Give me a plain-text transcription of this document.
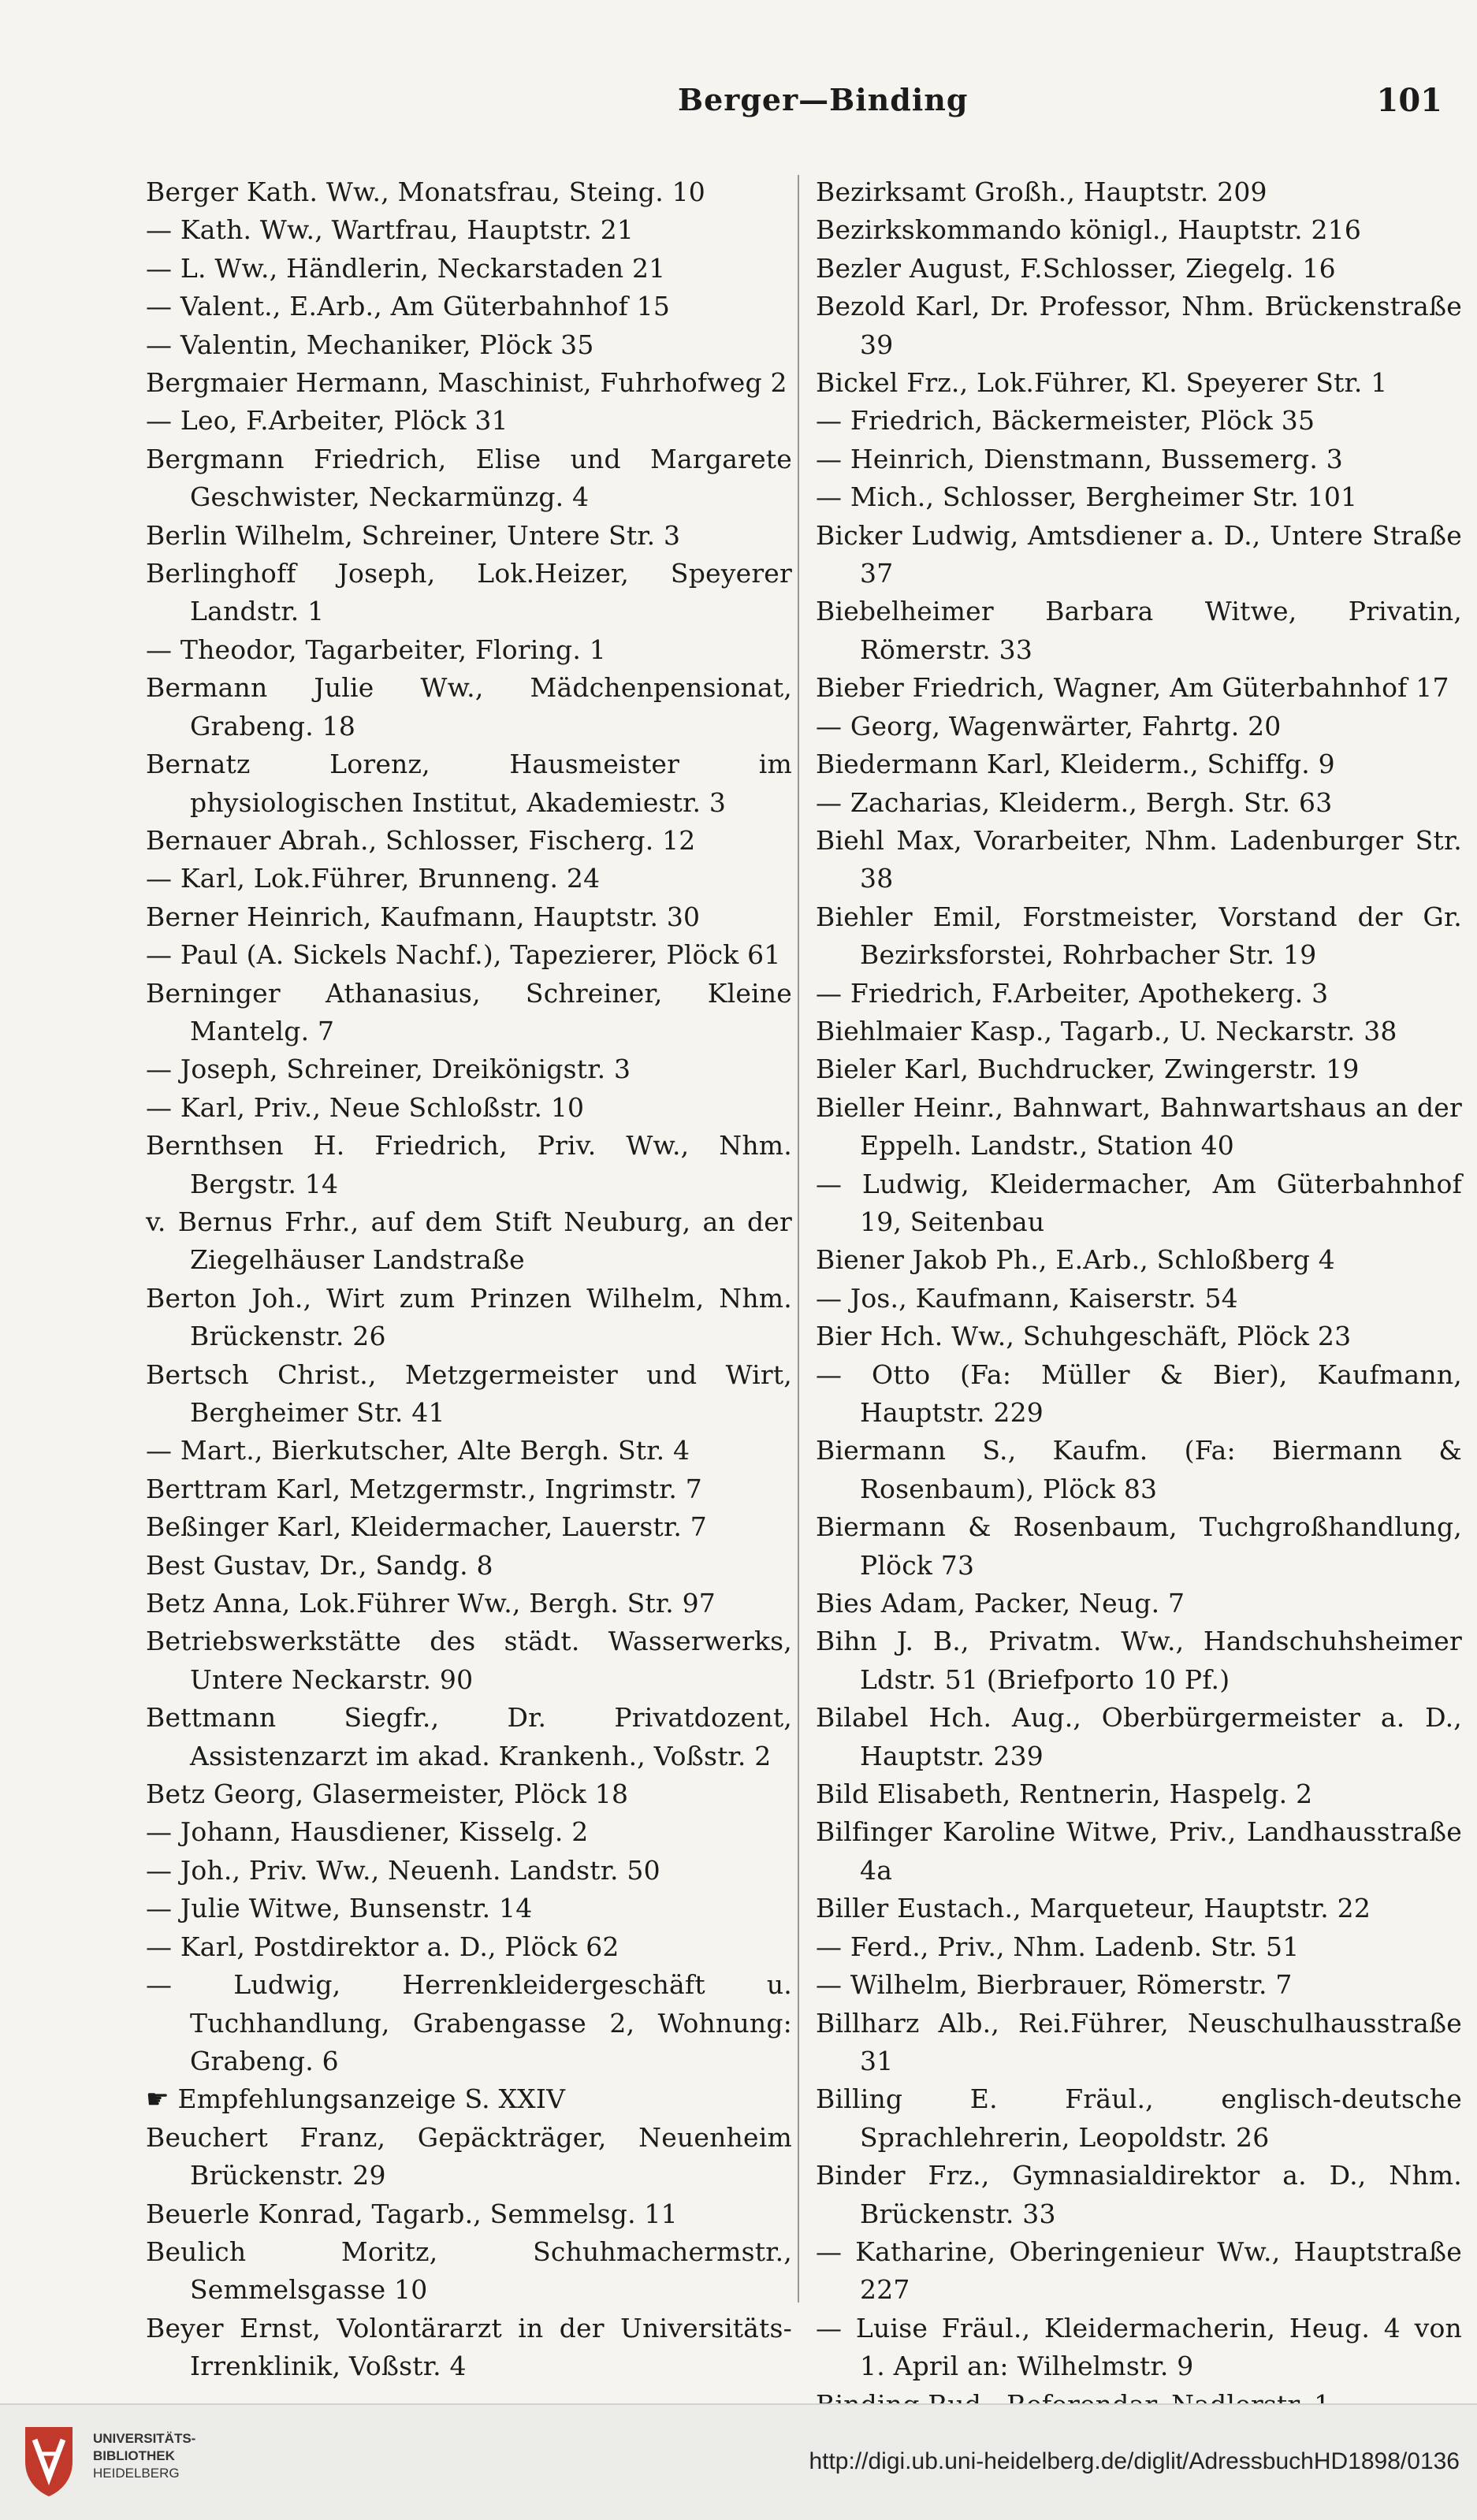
Berger—Binding	101

Berger Kath. Ww., Monatsfrau, Steing. 10

— Kath. Ww., Wartfrau, Hauptstr. 21

— L. Ww., Händlerin, Neckarstaden 21

— Valent., E.Arb., Am Güterbahnhof 15

— Valentin, Mechaniker, Plöck 35

Bergmaier Hermann, Maschinist, Fuhrhofweg 2

— Leo, F.Arbeiter, Plöck 31

Bergmann Friedrich, Elise und Margarete Geschwister, Neckarmünzg. 4

Berlin Wilhelm, Schreiner, Untere Str. 3

Berlinghoff Joseph, Lok.Heizer, Speyerer Landstr. 1

— Theodor, Tagarbeiter, Floring. 1

Bermann Julie Ww., Mädchenpensionat, Grabeng. 18

Bernatz Lorenz, Hausmeister im physiologischen Institut, Akademiestr. 3

Bernauer Abrah., Schlosser, Fischerg. 12

— Karl, Lok.Führer, Brunneng. 24

Berner Heinrich, Kaufmann, Hauptstr. 30

— Paul (A. Sickels Nachf.), Tapezierer, Plöck 61

Berninger Athanasius, Schreiner, Kleine Mantelg. 7

— Joseph, Schreiner, Dreikönigstr. 3

— Karl, Priv., Neue Schloßstr. 10

Bernthsen H. Friedrich, Priv. Ww., Nhm. Bergstr. 14

v. Bernus Frhr., auf dem Stift Neuburg, an der Ziegelhäuser Landstraße

Berton Joh., Wirt zum Prinzen Wilhelm, Nhm. Brückenstr. 26

Bertsch Christ., Metzgermeister und Wirt, Bergheimer Str. 41

— Mart., Bierkutscher, Alte Bergh. Str. 4

Berttram Karl, Metzgermstr., Ingrimstr. 7

Beßinger Karl, Kleidermacher, Lauerstr. 7

Best Gustav, Dr., Sandg. 8

Betz Anna, Lok.Führer Ww., Bergh. Str. 97

Betriebswerkstätte des städt. Wasserwerks, Untere Neckarstr. 90

Bettmann Siegfr., Dr. Privatdozent, Assistenzarzt im akad. Krankenh., Voßstr. 2

Betz Georg, Glasermeister, Plöck 18

— Johann, Hausdiener, Kisselg. 2

— Joh., Priv. Ww., Neuenh. Landstr. 50

— Julie Witwe, Bunsenstr. 14

— Karl, Postdirektor a. D., Plöck 62

— Ludwig, Herrenkleidergeschäft u. Tuchhandlung, Grabengasse 2, Wohnung: Grabeng. 6

☛ Empfehlungsanzeige S. XXIV

Beuchert Franz, Gepäckträger, Neuenheim Brückenstr. 29

Beuerle Konrad, Tagarb., Semmelsg. 11

Beulich Moritz, Schuhmachermstr., Semmelsgasse 10

Beyer Ernst, Volontärarzt in der Universitäts-Irrenklinik, Voßstr. 4

Bezirksamt Großh., Hauptstr. 209

Bezirkskommando königl., Hauptstr. 216

Bezler August, F.Schlosser, Ziegelg. 16

Bezold Karl, Dr. Professor, Nhm. Brückenstraße 39

Bickel Frz., Lok.Führer, Kl. Speyerer Str. 1

— Friedrich, Bäckermeister, Plöck 35

— Heinrich, Dienstmann, Bussemerg. 3

— Mich., Schlosser, Bergheimer Str. 101

Bicker Ludwig, Amtsdiener a. D., Untere Straße 37

Biebelheimer Barbara Witwe, Privatin, Römerstr. 33

Bieber Friedrich, Wagner, Am Güterbahnhof 17

— Georg, Wagenwärter, Fahrtg. 20

Biedermann Karl, Kleiderm., Schiffg. 9

— Zacharias, Kleiderm., Bergh. Str. 63

Biehl Max, Vorarbeiter, Nhm. Ladenburger Str. 38

Biehler Emil, Forstmeister, Vorstand der Gr. Bezirksforstei, Rohrbacher Str. 19

— Friedrich, F.Arbeiter, Apothekerg. 3

Biehlmaier Kasp., Tagarb., U. Neckarstr. 38

Bieler Karl, Buchdrucker, Zwingerstr. 19

Bieller Heinr., Bahnwart, Bahnwartshaus an der Eppelh. Landstr., Station 40

— Ludwig, Kleidermacher, Am Güterbahnhof 19, Seitenbau

Biener Jakob Ph., E.Arb., Schloßberg 4

— Jos., Kaufmann, Kaiserstr. 54

Bier Hch. Ww., Schuhgeschäft, Plöck 23

— Otto (Fa: Müller & Bier), Kaufmann, Hauptstr. 229

Biermann S., Kaufm. (Fa: Biermann & Rosenbaum), Plöck 83

Biermann & Rosenbaum, Tuchgroßhandlung, Plöck 73

Bies Adam, Packer, Neug. 7

Bihn J. B., Privatm. Ww., Handschuhsheimer Ldstr. 51 (Briefporto 10 Pf.)

Bilabel Hch. Aug., Oberbürgermeister a. D., Hauptstr. 239

Bild Elisabeth, Rentnerin, Haspelg. 2

Bilfinger Karoline Witwe, Priv., Landhausstraße 4a

Biller Eustach., Marqueteur, Hauptstr. 22

— Ferd., Priv., Nhm. Ladenb. Str. 51

— Wilhelm, Bierbrauer, Römerstr. 7

Billharz Alb., Rei.Führer, Neuschulhausstraße 31

Billing E. Fräul., englisch-deutsche Sprachlehrerin, Leopoldstr. 26

Binder Frz., Gymnasialdirektor a. D., Nhm. Brückenstr. 33

— Katharine, Oberingenieur Ww., Hauptstraße 227

— Luise Fräul., Kleidermacherin, Heug. 4 von 1. April an: Wilhelmstr. 9

UNIVERSITÄTS-
BIBLIOTHEK
HEIDELBERG	http://digi.ub.uni-heidelberg.de/diglit/AdressbuchHD1898/0136
